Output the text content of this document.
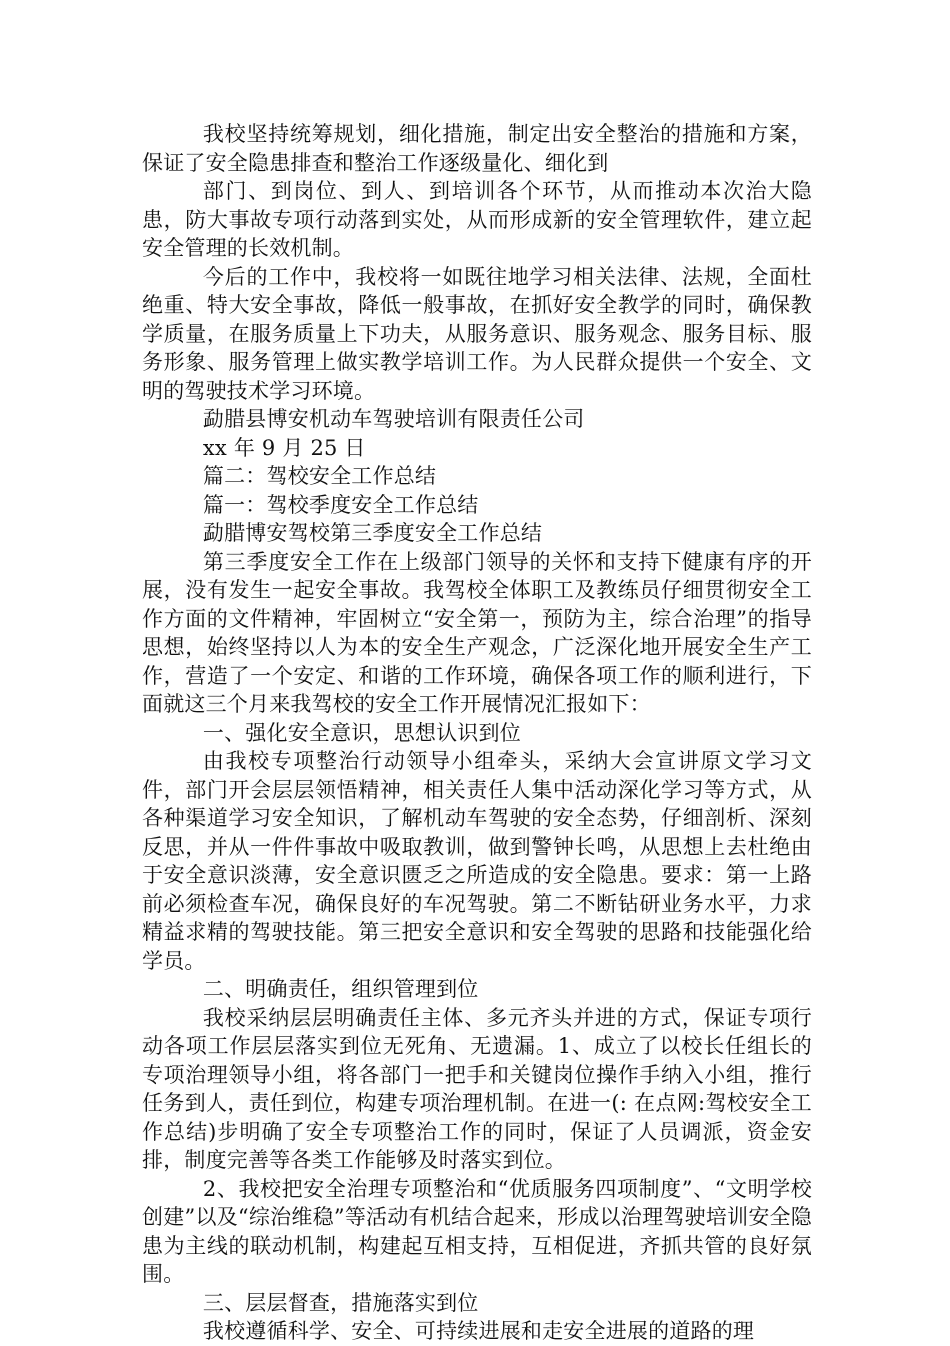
我校坚持统筹规划，细化措施，制定出安全整治的措施和方案，保证了安全隐患排查和整治工作逐级量化、细化到

部门、到岗位、到人、到培训各个环节，从而推动本次治大隐患，防大事故专项行动落到实处，从而形成新的安全管理软件，建立起安全管理的长效机制。

今后的工作中，我校将一如既往地学习相关法律、法规，全面杜绝重、特大安全事故，降低一般事故，在抓好安全教学的同时，确保教学质量，在服务质量上下功夫，从服务意识、服务观念、服务目标、服务形象、服务管理上做实教学培训工作。为人民群众提供一个安全、文明的驾驶技术学习环境。

勐腊县博安机动车驾驶培训有限责任公司

xx 年 9 月 25 日

篇二：驾校安全工作总结

篇一：驾校季度安全工作总结

勐腊博安驾校第三季度安全工作总结

第三季度安全工作在上级部门领导的关怀和支持下健康有序的开展，没有发生一起安全事故。我驾校全体职工及教练员仔细贯彻安全工作方面的文件精神，牢固树立“安全第一，预防为主，综合治理”的指导思想，始终坚持以人为本的安全生产观念，广泛深化地开展安全生产工作，营造了一个安定、和谐的工作环境，确保各项工作的顺利进行，下面就这三个月来我驾校的安全工作开展情况汇报如下：

一、强化安全意识，思想认识到位

由我校专项整治行动领导小组牵头，采纳大会宣讲原文学习文件，部门开会层层领悟精神，相关责任人集中活动深化学习等方式，从各种渠道学习安全知识，了解机动车驾驶的安全态势，仔细剖析、深刻反思，并从一件件事故中吸取教训，做到警钟长鸣，从思想上去杜绝由于安全意识淡薄，安全意识匮乏之所造成的安全隐患。要求：第一上路前必须检查车况，确保良好的车况驾驶。第二不断钻研业务水平，力求精益求精的驾驶技能。第三把安全意识和安全驾驶的思路和技能强化给学员。

二、明确责任，组织管理到位

我校采纳层层明确责任主体、多元齐头并进的方式，保证专项行动各项工作层层落实到位无死角、无遗漏。1、成立了以校长任组长的专项治理领导小组，将各部门一把手和关键岗位操作手纳入小组，推行任务到人，责任到位，构建专项治理机制。在进一(: 在点网:驾校安全工作总结)步明确了安全专项整治工作的同时，保证了人员调派，资金安排，制度完善等各类工作能够及时落实到位。

2、我校把安全治理专项整治和“优质服务四项制度”、“文明学校创建”以及“综治维稳”等活动有机结合起来，形成以治理驾驶培训安全隐患为主线的联动机制，构建起互相支持，互相促进，齐抓共管的良好氛围。

三、层层督查，措施落实到位

我校遵循科学、安全、可持续进展和走安全进展的道路的理
